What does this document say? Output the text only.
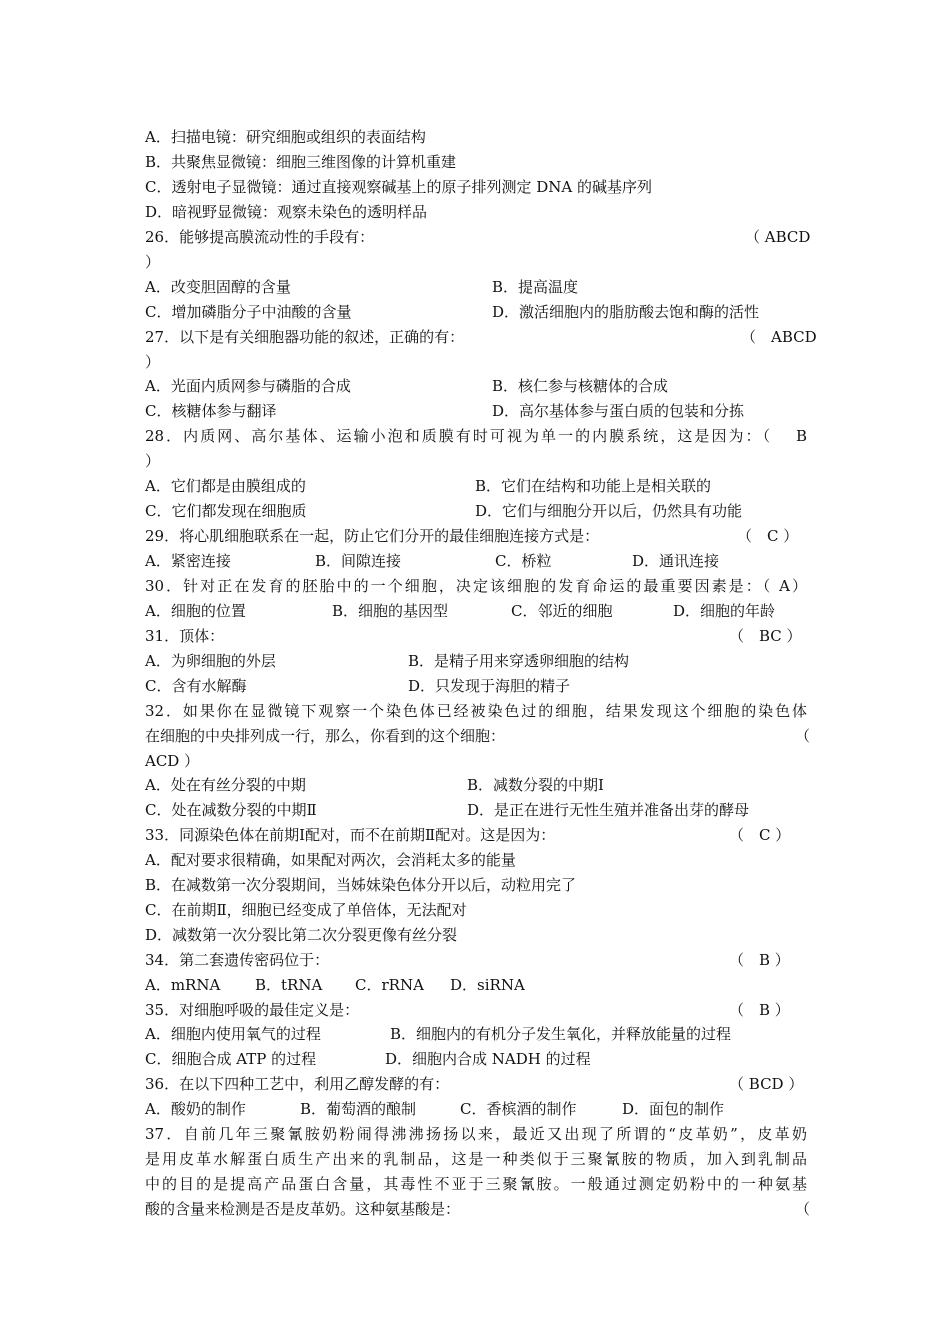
A．扫描电镜：研究细胞或组织的表面结构
B．共聚焦显微镜：细胞三维图像的计算机重建
C．透射电子显微镜：通过直接观察碱基上的原子排列测定 DNA 的碱基序列
D．暗视野显微镜：观察未染色的透明样品
26．能够提高膜流动性的手段有：	（ ABCD
）
A．改变胆固醇的含量	B．提高温度
C．增加磷脂分子中油酸的含量	D．激活细胞内的脂肪酸去饱和酶的活性
27．以下是有关细胞器功能的叙述，正确的有：	（　ABCD
）
A．光面内质网参与磷脂的合成	B．核仁参与核糖体的合成
C．核糖体参与翻译	D．高尔基体参与蛋白质的包装和分拣
28．内质网、高尔基体、运输小泡和质膜有时可视为单一的内膜系统，这是因为：（　 B
）
A．它们都是由膜组成的	B．它们在结构和功能上是相关联的
C．它们都发现在细胞质	D．它们与细胞分开以后，仍然具有功能
29．将心肌细胞联系在一起，防止它们分开的最佳细胞连接方式是：	（　C ）
A．紧密连接	B．间隙连接	C．桥粒	D．通讯连接
30．针对正在发育的胚胎中的一个细胞，决定该细胞的发育命运的最重要因素是：（ A）
A．细胞的位置	B．细胞的基因型	C．邻近的细胞	D．细胞的年龄
31．顶体：	（　BC ）
A．为卵细胞的外层	B．是精子用来穿透卵细胞的结构
C．含有水解酶	D．只发现于海胆的精子
32．如果你在显微镜下观察一个染色体已经被染色过的细胞，结果发现这个细胞的染色体
在细胞的中央排列成一行，那么，你看到的这个细胞：	（
ACD ）
A．处在有丝分裂的中期	B．减数分裂的中期Ⅰ
C．处在减数分裂的中期Ⅱ	D．是正在进行无性生殖并准备出芽的酵母
33．同源染色体在前期Ⅰ配对，而不在前期Ⅱ配对。这是因为：	（　C ）
A．配对要求很精确，如果配对两次，会消耗太多的能量
B．在减数第一次分裂期间，当姊妹染色体分开以后，动粒用完了
C．在前期Ⅱ，细胞已经变成了单倍体，无法配对
D．减数第一次分裂比第二次分裂更像有丝分裂
34．第二套遗传密码位于：	（　B ）
A．mRNA B．tRNA C．rRNA D．siRNA
35．对细胞呼吸的最佳定义是：	（　B ）
A．细胞内使用氧气的过程	B．细胞内的有机分子发生氧化，并释放能量的过程
C．细胞合成 ATP 的过程	D．细胞内合成 NADH 的过程
36．在以下四种工艺中，利用乙醇发酵的有：	（ BCD ）
A．酸奶的制作	B．葡萄酒的酿制	C．香槟酒的制作	D．面包的制作
37．自前几年三聚氰胺奶粉闹得沸沸扬扬以来，最近又出现了所谓的“皮革奶”，皮革奶
是用皮革水解蛋白质生产出来的乳制品，这是一种类似于三聚氰胺的物质，加入到乳制品
中的目的是提高产品蛋白含量，其毒性不亚于三聚氰胺。一般通过测定奶粉中的一种氨基
酸的含量来检测是否是皮革奶。这种氨基酸是：	（
